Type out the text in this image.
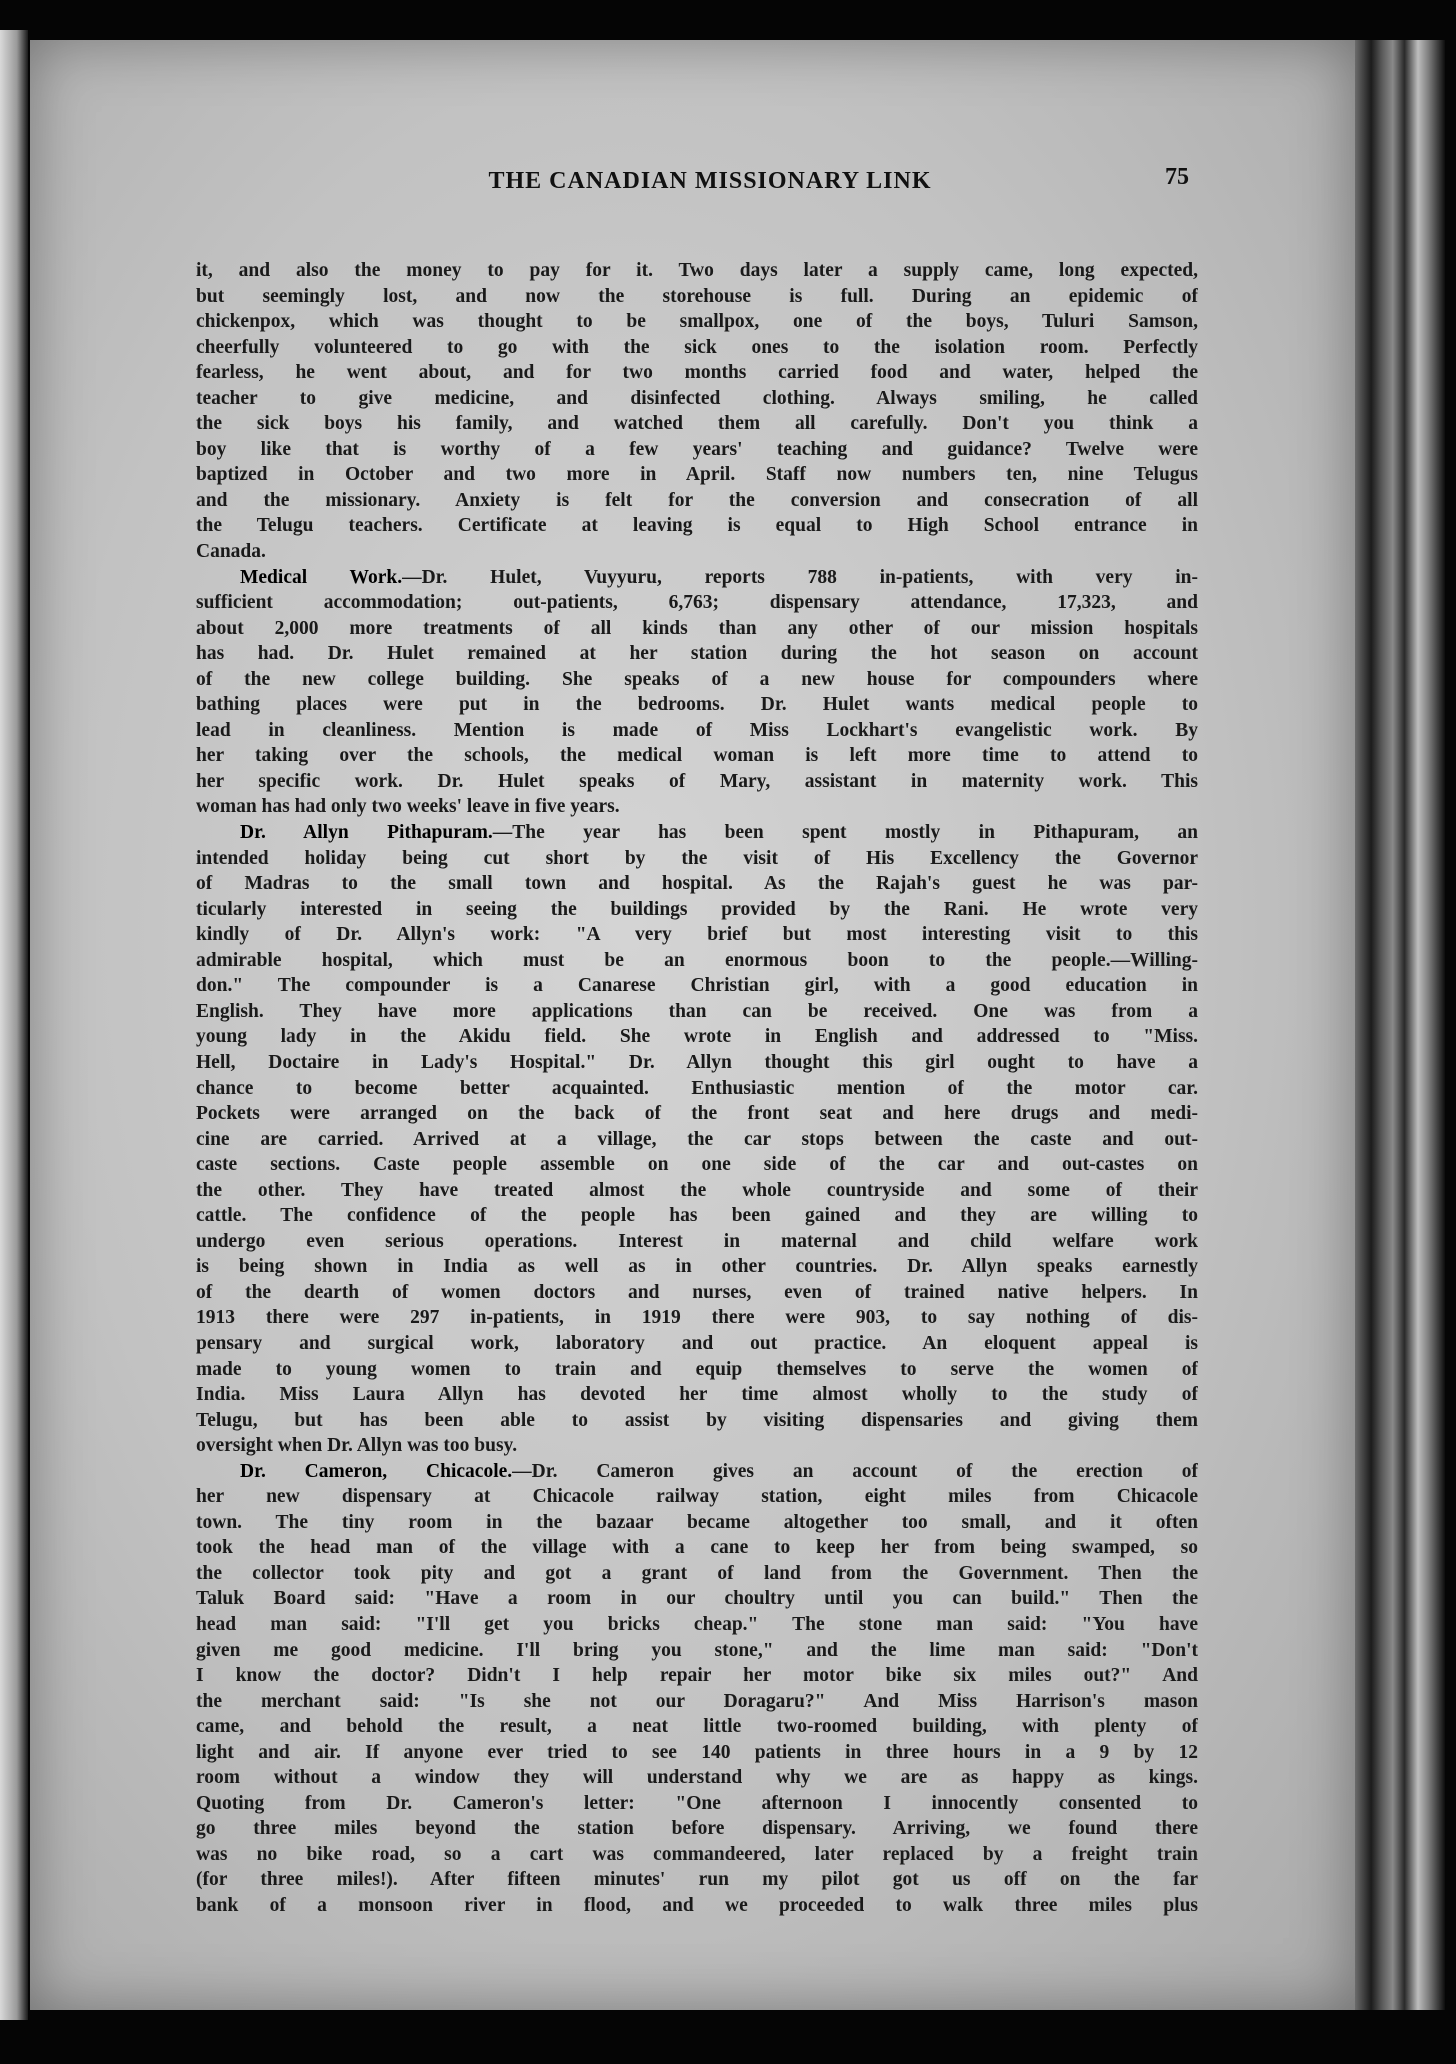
THE CANADIAN MISSIONARY LINK	75
it, and also the money to pay for it. Two days later a supply came, long expected,
but seemingly lost, and now the storehouse is full. During an epidemic of
chickenpox, which was thought to be smallpox, one of the boys, Tuluri Samson,
cheerfully volunteered to go with the sick ones to the isolation room. Perfectly
fearless, he went about, and for two months carried food and water, helped the
teacher to give medicine, and disinfected clothing. Always smiling, he called
the sick boys his family, and watched them all carefully. Don't you think a
boy like that is worthy of a few years' teaching and guidance? Twelve were
baptized in October and two more in April. Staff now numbers ten, nine Telugus
and the missionary. Anxiety is felt for the conversion and consecration of all
the Telugu teachers. Certificate at leaving is equal to High School entrance in
Canada.
Medical Work.—Dr. Hulet, Vuyyuru, reports 788 in-patients, with very in-
sufficient accommodation; out-patients, 6,763; dispensary attendance, 17,323, and
about 2,000 more treatments of all kinds than any other of our mission hospitals
has had. Dr. Hulet remained at her station during the hot season on account
of the new college building. She speaks of a new house for compounders where
bathing places were put in the bedrooms. Dr. Hulet wants medical people to
lead in cleanliness. Mention is made of Miss Lockhart's evangelistic work. By
her taking over the schools, the medical woman is left more time to attend to
her specific work. Dr. Hulet speaks of Mary, assistant in maternity work. This
woman has had only two weeks' leave in five years.
Dr. Allyn Pithapuram.—The year has been spent mostly in Pithapuram, an
intended holiday being cut short by the visit of His Excellency the Governor
of Madras to the small town and hospital. As the Rajah's guest he was par-
ticularly interested in seeing the buildings provided by the Rani. He wrote very
kindly of Dr. Allyn's work: "A very brief but most interesting visit to this
admirable hospital, which must be an enormous boon to the people.—Willing-
don." The compounder is a Canarese Christian girl, with a good education in
English. They have more applications than can be received. One was from a
young lady in the Akidu field. She wrote in English and addressed to "Miss.
Hell, Doctaire in Lady's Hospital." Dr. Allyn thought this girl ought to have a
chance to become better acquainted. Enthusiastic mention of the motor car.
Pockets were arranged on the back of the front seat and here drugs and medi-
cine are carried. Arrived at a village, the car stops between the caste and out-
caste sections. Caste people assemble on one side of the car and out-castes on
the other. They have treated almost the whole countryside and some of their
cattle. The confidence of the people has been gained and they are willing to
undergo even serious operations. Interest in maternal and child welfare work
is being shown in India as well as in other countries. Dr. Allyn speaks earnestly
of the dearth of women doctors and nurses, even of trained native helpers. In
1913 there were 297 in-patients, in 1919 there were 903, to say nothing of dis-
pensary and surgical work, laboratory and out practice. An eloquent appeal is
made to young women to train and equip themselves to serve the women of
India. Miss Laura Allyn has devoted her time almost wholly to the study of
Telugu, but has been able to assist by visiting dispensaries and giving them
oversight when Dr. Allyn was too busy.
Dr. Cameron, Chicacole.—Dr. Cameron gives an account of the erection of
her new dispensary at Chicacole railway station, eight miles from Chicacole
town. The tiny room in the bazaar became altogether too small, and it often
took the head man of the village with a cane to keep her from being swamped, so
the collector took pity and got a grant of land from the Government. Then the
Taluk Board said: "Have a room in our choultry until you can build." Then the
head man said: "I'll get you bricks cheap." The stone man said: "You have
given me good medicine. I'll bring you stone," and the lime man said: "Don't
I know the doctor? Didn't I help repair her motor bike six miles out?" And
the merchant said: "Is she not our Doragaru?" And Miss Harrison's mason
came, and behold the result, a neat little two-roomed building, with plenty of
light and air. If anyone ever tried to see 140 patients in three hours in a 9 by 12
room without a window they will understand why we are as happy as kings.
Quoting from Dr. Cameron's letter: "One afternoon I innocently consented to
go three miles beyond the station before dispensary. Arriving, we found there
was no bike road, so a cart was commandeered, later replaced by a freight train
(for three miles!). After fifteen minutes' run my pilot got us off on the far
bank of a monsoon river in flood, and we proceeded to walk three miles plus
